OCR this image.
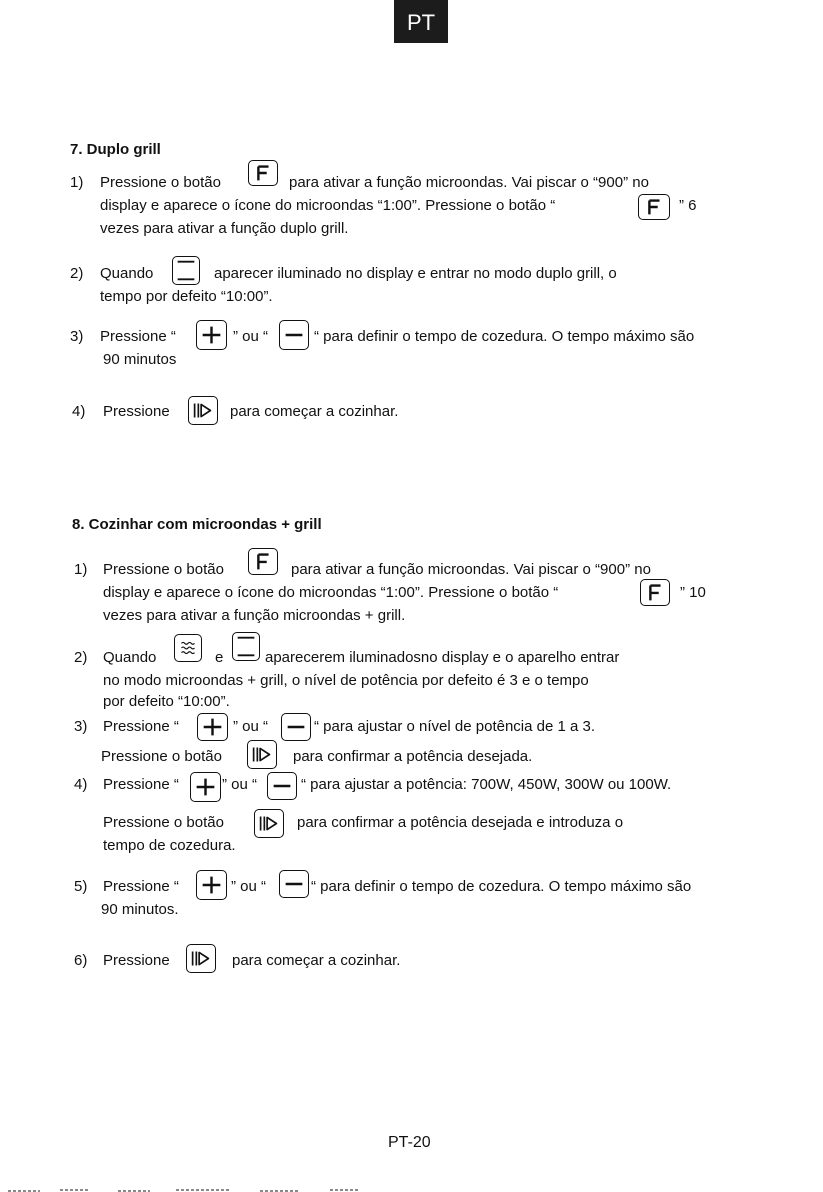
PT
7. Duplo grill
1) Pressione o botão	para ativar a função microondas. Vai piscar o “900” no
display e aparece o ícone do microondas “1:00”. Pressione o botão “	” 6
vezes para ativar a função duplo grill.
2) Quando	aparecer iluminado no display e entrar no modo duplo grill, o
tempo por defeito “10:00”.
3) Pressione “	” ou “	“ para definir o tempo de cozedura. O tempo máximo são
90 minutos
4) Pressione	para começar a cozinhar.
8. Cozinhar com microondas + grill
1) Pressione o botão	para ativar a função microondas. Vai piscar o “900” no
display e aparece o ícone do microondas “1:00”. Pressione o botão “	” 10
vezes para ativar a função microondas + grill.
2) Quando	e	aparecerem iluminadosno display e o aparelho entrar
no modo microondas + grill, o nível de potência por defeito é 3 e o tempo
por defeito “10:00”.
3) Pressione “	” ou “	“ para ajustar o nível de potência de 1 a 3.
Pressione o botão	para confirmar a potência desejada.
4) Pressione “	” ou “	“ para ajustar a potência: 700W, 450W, 300W ou 100W.
Pressione o botão	para confirmar a potência desejada e introduza o
tempo de cozedura.
5) Pressione “	” ou “	“ para definir o tempo de cozedura. O tempo máximo são
90 minutos.
6) Pressione	para começar a cozinhar.
PT-20
